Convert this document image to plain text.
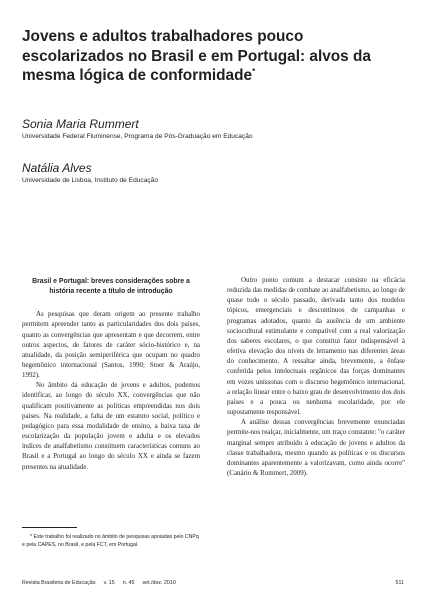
Jovens e adultos trabalhadores pouco escolarizados no Brasil e em Portugal: alvos da mesma lógica de conformidade*
Sonia Maria Rummert
Universidade Federal Fluminense, Programa de Pós-Graduação em Educação
Natália Alves
Universidade de Lisboa, Instituto de Educação
Brasil e Portugal: breves considerações sobre a história recente a título de introdução

As pesquisas que deram origem ao presente trabalho permitem apreender tanto as particularidades dos dois países, quanto as convergências que apresentam e que decorrem, entre outros aspectos, de fatores de caráter sócio-histórico e, na atualidade, da posição semiperiférica que ocupam no quadro hegemônico internacional (Santos, 1990; Stoer & Araújo, 1992).

No âmbito da educação de jovens e adultos, podemos identificar, ao longo do século XX, convergências que não qualificam positivamente as políticas empreendidas nos dois países. Na realidade, a falta de um estatuto social, político e pedagógico para essa modalidade de ensino, a baixa taxa de escolarização da população jovem e adulta e os elevados índices de analfabetismo constituem características comuns ao Brasil e a Portugal ao longo do século XX e ainda se fazem presentes na atualidade.

Outro ponto comum a destacar consiste na eficácia reduzida das medidas de combate ao analfabetismo, ao longo de quase todo o século passado, derivada tanto dos modelos tópicos, emergenciais e descontínuos de campanhas e programas adotados, quanto da ausência de um ambiente sociocultural estimulante e compatível com a real valorização dos saberes escolares, o que constitui fator indispensável à efetiva elevação dos níveis de letramento nas diferentes áreas do conhecimento. A ressaltar ainda, brevemente, a ênfase conferida pelos intelectuais orgânicos das forças dominantes em vozes uníssonas com o discurso hegemônico internacional, a relação linear entre o baixo grau de desenvolvimento dos dois países e a pouca ou nenhuma escolaridade, por ele supostamente responsável.

A análise dessas convergências brevemente enunciadas permite-nos realçar, inicialmente, um traço constante: "o caráter marginal sempre atribuído à educação de jovens e adultos da classe trabalhadora, mesmo quando as políticas e os discursos dominantes aparentemente a valorizavam, como ainda ocorre" (Canário & Rummert, 2009).

* Este trabalho foi realizado no âmbito de pesquisas apoiadas pelo CNPq e pela CAPES, no Brasil, e pela FCT, em Portugal.

Revista Brasileira de Educação v. 15 n. 45 set./dez. 2010	511
